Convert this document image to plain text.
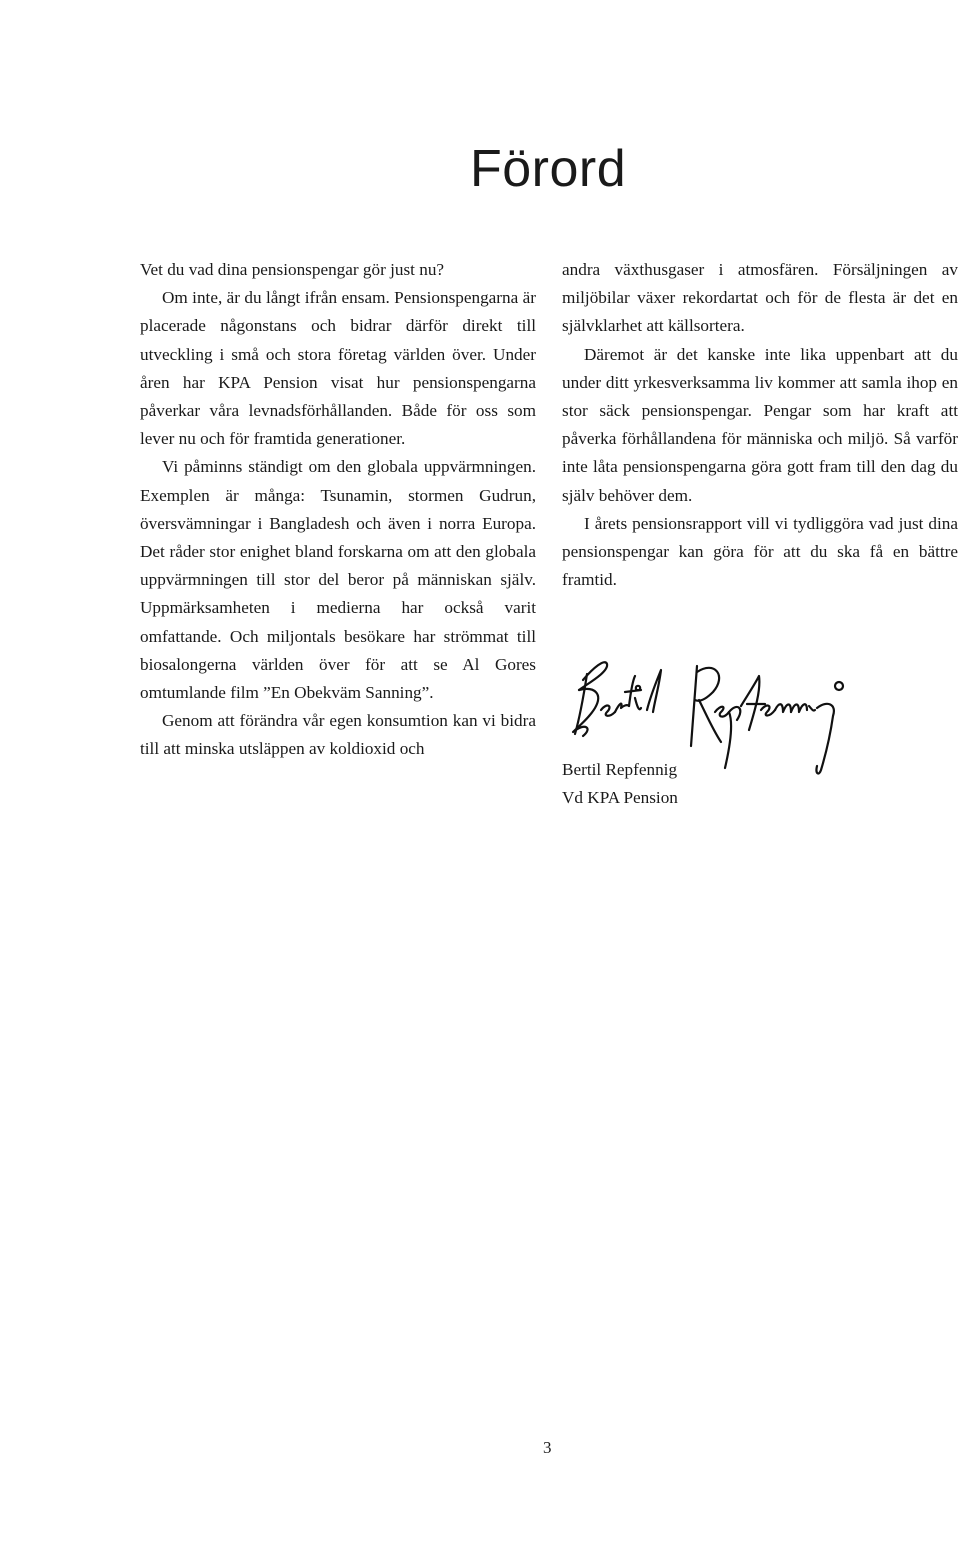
Förord

Vet du vad dina pensionspengar gör just nu?

Om inte, är du långt ifrån ensam. Pensionspengarna är placerade någonstans och bidrar därför direkt till utveckling i små och stora företag världen över. Under åren har KPA Pension visat hur pensionspengarna påverkar våra levnadsförhållanden. Både för oss som lever nu och för framtida generationer.

Vi påminns ständigt om den globala uppvärmningen. Exemplen är många: Tsunamin, stormen Gudrun, översvämningar i Bangladesh och även i norra Europa. Det råder stor enighet bland forskarna om att den globala uppvärmningen till stor del beror på människan själv. Uppmärksamheten i medierna har också varit omfattande. Och miljontals besökare har strömmat till biosalongerna världen över för att se Al Gores omtumlande film ”En Obekväm Sanning”.

Genom att förändra vår egen konsumtion kan vi bidra till att minska utsläppen av koldioxid och

andra växthusgaser i atmosfären. Försäljningen av miljöbilar växer rekordartat och för de flesta är det en självklarhet att källsortera.

Däremot är det kanske inte lika uppenbart att du under ditt yrkesverksamma liv kommer att samla ihop en stor säck pensionspengar. Pengar som har kraft att påverka förhållandena för människa och miljö. Så varför inte låta pensionspengarna göra gott fram till den dag du själv behöver dem.

I årets pensionsrapport vill vi tydliggöra vad just dina pensionspengar kan göra för att du ska få en bättre framtid.

Bertil Repfennig
Vd KPA Pension
3
